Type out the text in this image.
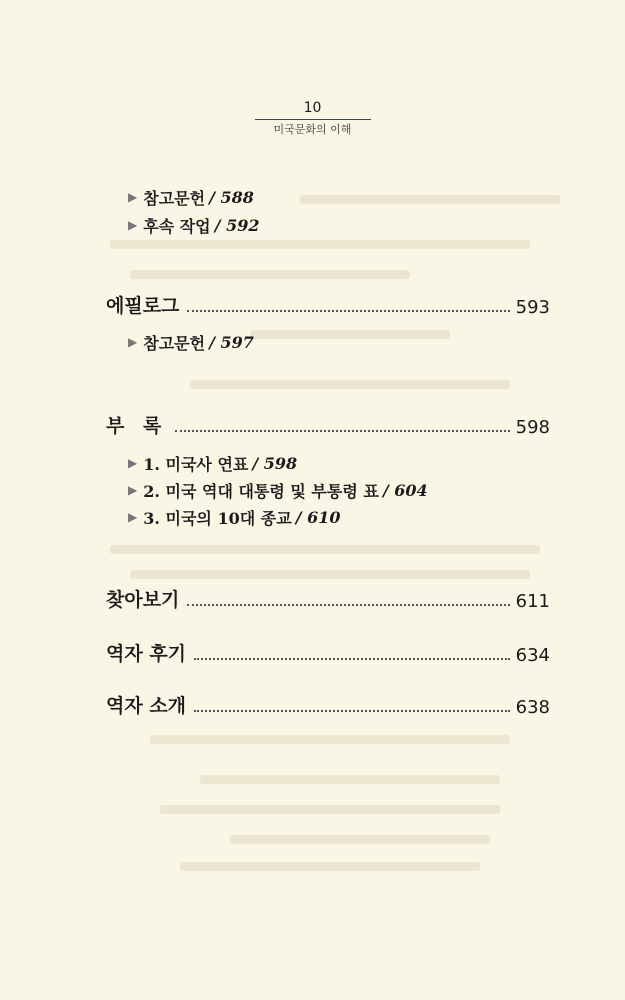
10
미국문화의 이해
▶ 참고문헌 / 588
▶ 후속 작업 / 592
에필로그	593
▶ 참고문헌 / 597
부 록	598
▶ 1. 미국사 연표 / 598
▶ 2. 미국 역대 대통령 및 부통령 표 / 604
▶ 3. 미국의 10대 종교 / 610
찾아보기	611
역자 후기	634
역자 소개	638
